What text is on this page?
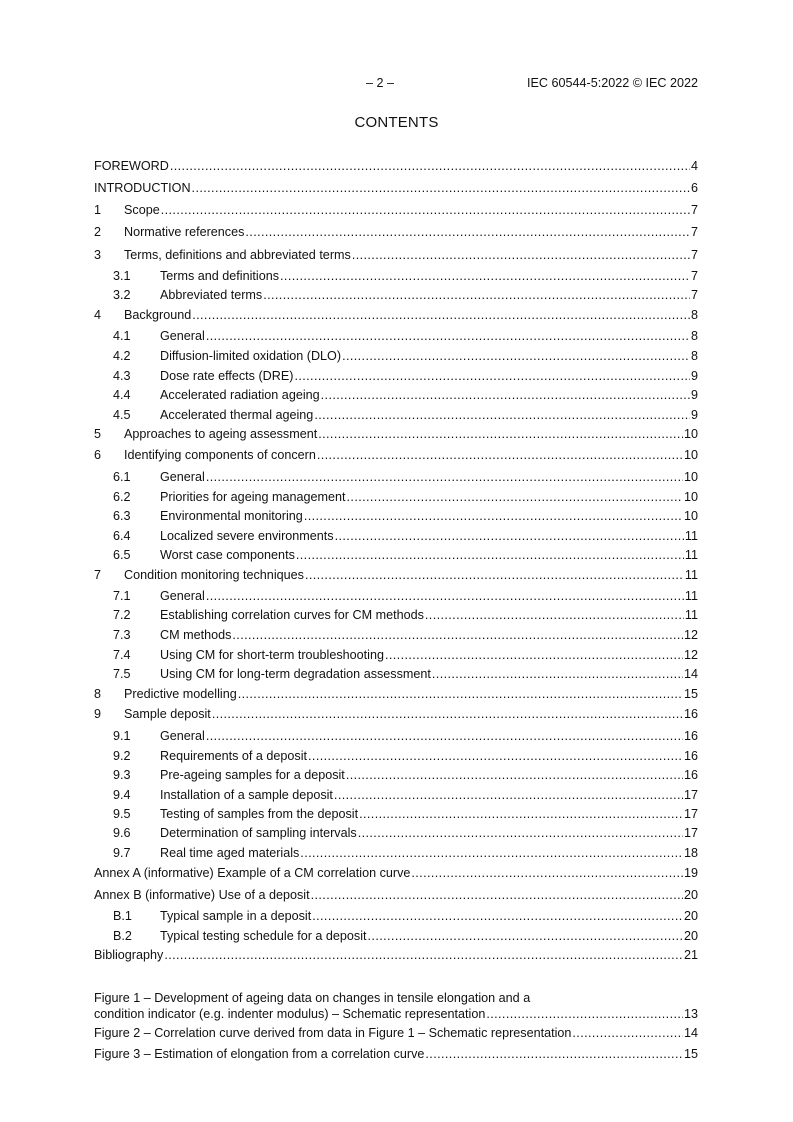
– 2 –	IEC 60544-5:2022 © IEC 2022
CONTENTS
FOREWORD .....	4
INTRODUCTION .....	6
1	Scope .....	7
2	Normative references .....	7
3	Terms, definitions and abbreviated terms .....	7
3.1	Terms and definitions .....	7
3.2	Abbreviated terms .....	7
4	Background .....	8
4.1	General .....	8
4.2	Diffusion-limited oxidation (DLO) .....	8
4.3	Dose rate effects (DRE) .....	9
4.4	Accelerated radiation ageing .....	9
4.5	Accelerated thermal ageing .....	9
5	Approaches to ageing assessment .....	10
6	Identifying components of concern .....	10
6.1	General .....	10
6.2	Priorities for ageing management .....	10
6.3	Environmental monitoring .....	10
6.4	Localized severe environments .....	11
6.5	Worst case components .....	11
7	Condition monitoring techniques .....	11
7.1	General .....	11
7.2	Establishing correlation curves for CM methods .....	11
7.3	CM methods .....	12
7.4	Using CM for short-term troubleshooting .....	12
7.5	Using CM for long-term degradation assessment .....	14
8	Predictive modelling .....	15
9	Sample deposit .....	16
9.1	General .....	16
9.2	Requirements of a deposit .....	16
9.3	Pre-ageing samples for a deposit .....	16
9.4	Installation of a sample deposit .....	17
9.5	Testing of samples from the deposit .....	17
9.6	Determination of sampling intervals .....	17
9.7	Real time aged materials .....	18
Annex A (informative) Example of a CM correlation curve .....	19
Annex B (informative) Use of a deposit .....	20
B.1	Typical sample in a deposit .....	20
B.2	Typical testing schedule for a deposit .....	20
Bibliography .....	21
Figure 1 – Development of ageing data on changes in tensile elongation and a
condition indicator (e.g. indenter modulus) – Schematic representation .....	13
Figure 2 – Correlation curve derived from data in Figure 1 – Schematic representation .....	14
Figure 3 – Estimation of elongation from a correlation curve .....	15
